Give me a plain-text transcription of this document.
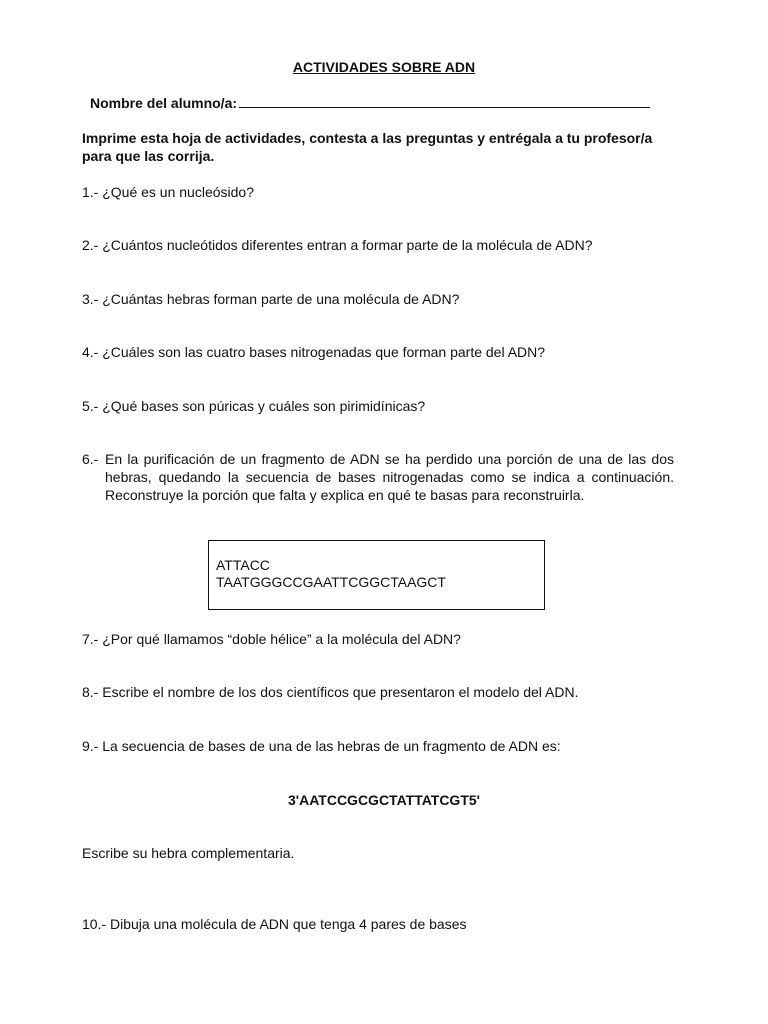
ACTIVIDADES SOBRE ADN
Nombre del alumno/a:
Imprime esta hoja de actividades, contesta a las preguntas y entrégala a tu profesor/a para que las corrija.
1.- ¿Qué es un nucleósido?
2.- ¿Cuántos nucleótidos diferentes entran a formar parte de la molécula de ADN?
3.- ¿Cuántas hebras forman parte de una molécula de ADN?
4.- ¿Cuáles son las cuatro bases nitrogenadas que forman parte del ADN?
5.- ¿Qué bases son púricas y cuáles son pirimidínicas?
6.- En la purificación de un fragmento de ADN se ha perdido una porción de una de las dos hebras, quedando la secuencia de bases nitrogenadas como se indica a continuación. Reconstruye la porción que falta y explica en qué te basas para reconstruirla.
ATTACC
TAATGGGCCGAATTCGGCTAAGCT
7.- ¿Por qué llamamos “doble hélice” a la molécula del ADN?
8.- Escribe el nombre de los dos científicos que presentaron el modelo del ADN.
9.- La secuencia de bases de una de las hebras de un fragmento de ADN es:
3'AATCCGCGCTATTATCGT5'
Escribe su hebra complementaria.
10.- Dibuja una molécula de ADN que tenga 4 pares de bases
